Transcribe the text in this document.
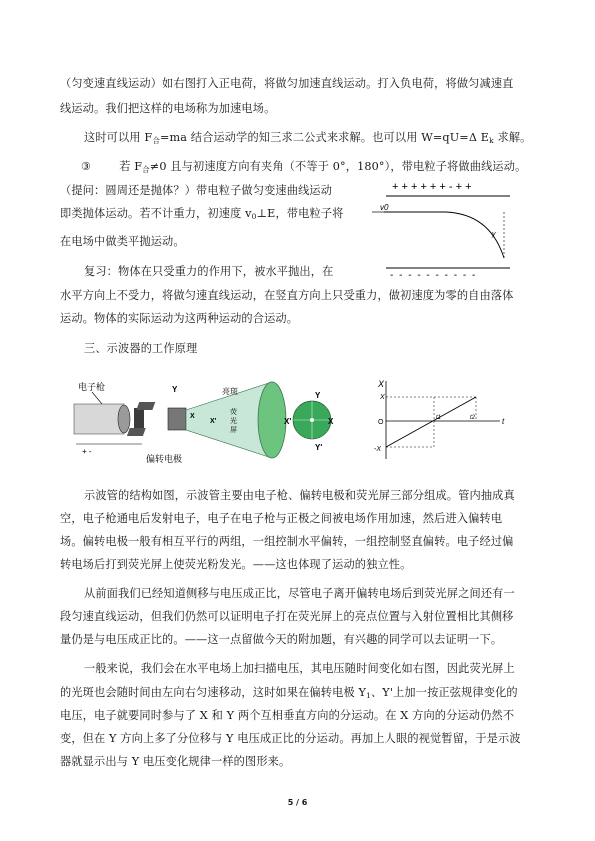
（匀变速直线运动）如右图打入正电荷，将做匀加速直线运动。打入负电荷，将做匀减速直
线运动。我们把这样的电场称为加速电场。
这时可以用 $F_合=ma$ 结合运动学的知三求二公式来求解。也可以用 W=qU=Δ $E_k$ 求解。
③	若 $F_合\ne 0$ 且与初速度方向有夹角（不等于 0°，180°），带电粒子将做曲线运动。
（提问：圆周还是抛体？）带电粒子做匀变速曲线运动
即类抛体运动。若不计重力，初速度 $v_0\perp E$，带电粒子将
在电场中做类平抛运动。
复习：物体在只受重力的作用下，被水平抛出，在
水平方向上不受力，将做匀速直线运动，在竖直方向上只受重力，做初速度为零的自由落体
运动。物体的实际运动为这两种运动的合运动。
+ + + + + + - + +
v0
y
- - - - - - - - - -
三、示波器的工作原理
电子枪	亮斑
荧
光
屏
X'
Y
Y'
X'	X
X
Y
+ -
偏转电极
X
t
X
O
-X
t1	t2
示波管的结构如图，示波管主要由电子枪、偏转电极和荧光屏三部分组成。管内抽成真
空，电子枪通电后发射电子，电子在电子枪与正极之间被电场作用加速，然后进入偏转电
场。偏转电极一般有相互平行的两组，一组控制水平偏转，一组控制竖直偏转。电子经过偏
转电场后打到荧光屏上使荧光粉发光。——这也体现了运动的独立性。
从前面我们已经知道侧移与电压成正比，尽管电子离开偏转电场后到荧光屏之间还有一
段匀速直线运动，但我们仍然可以证明电子打在荧光屏上的亮点位置与入射位置相比其侧移
量仍是与电压成正比的。——这一点留做今天的附加题，有兴趣的同学可以去证明一下。
一般来说，我们会在水平电场上加扫描电压，其电压随时间变化如右图，因此荧光屏上
的光斑也会随时间由左向右匀速移动，这时如果在偏转电极 $Y_1$、Y'上加一按正弦规律变化的
电压，电子就要同时参与了 X 和 Y 两个互相垂直方向的分运动。在 X 方向的分运动仍然不
变，但在 Y 方向上多了分位移与 Y 电压成正比的分运动。再加上人眼的视觉暂留，于是示波
器就显示出与 Y 电压变化规律一样的图形来。
5 / 6
